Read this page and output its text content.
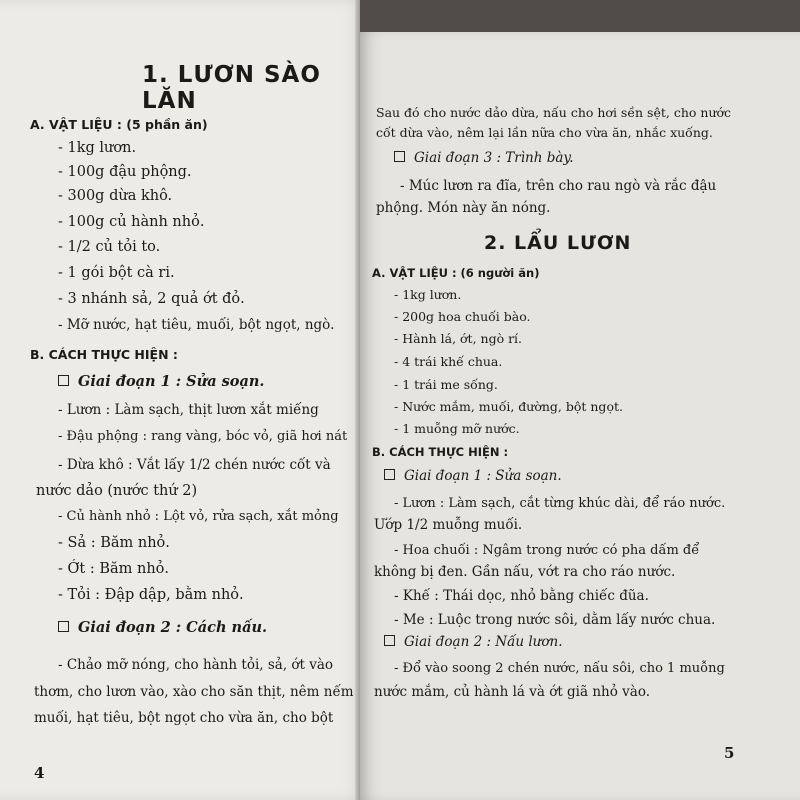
1. LƯƠN SÀO LĂN
A. VẬT LIỆU : (5 phần ăn)
- 1kg lươn.
- 100g đậu phộng.
- 300g dừa khô.
- 100g củ hành nhỏ.
- 1/2 củ tỏi to.
- 1 gói bột cà ri.
- 3 nhánh sả, 2 quả ớt đỏ.
- Mỡ nước, hạt tiêu, muối, bột ngọt, ngò.
B. CÁCH THỰC HIỆN :
Giai đoạn 1 : Sửa soạn.
- Lươn : Làm sạch, thịt lươn xắt miếng
- Đậu phộng : rang vàng, bóc vỏ, giã hơi nát
- Dừa khô : Vắt lấy 1/2 chén nước cốt và
nước dảo (nước thứ 2)
- Củ hành nhỏ : Lột vỏ, rửa sạch, xắt mỏng
- Sả : Băm nhỏ.
- Ớt : Băm nhỏ.
- Tỏi : Đập dập, bằm nhỏ.
Giai đoạn 2 : Cách nấu.
- Chảo mỡ nóng, cho hành tỏi, sả, ớt vào
thơm, cho lươn vào, xào cho săn thịt, nêm nếm
muối, hạt tiêu, bột ngọt cho vừa ăn, cho bột
4
Sau đó cho nước dảo dừa, nấu cho hơi sền sệt, cho nước
cốt dừa vào, nêm lại lần nữa cho vừa ăn, nhắc xuống.
Giai đoạn 3 : Trình bày.
- Múc lươn ra đĩa, trên cho rau ngò và rắc đậu
phộng. Món này ăn nóng.
2. LẨU LƯƠN
A. VẬT LIỆU : (6 người ăn)
- 1kg lươn.
- 200g hoa chuối bào.
- Hành lá, ớt, ngò rí.
- 4 trái khế chua.
- 1 trái me sống.
- Nước mắm, muối, đường, bột ngọt.
- 1 muỗng mỡ nước.
B. CÁCH THỰC HIỆN :
Giai đoạn 1 : Sửa soạn.
- Lươn : Làm sạch, cắt từng khúc dài, để ráo nước.
Ướp 1/2 muỗng muối.
- Hoa chuối : Ngâm trong nước có pha dấm để
không bị đen. Gần nấu, vớt ra cho ráo nước.
- Khế : Thái dọc, nhỏ bằng chiếc đũa.
- Me : Luộc trong nước sôi, dằm lấy nước chua.
Giai đoạn 2 : Nấu lươn.
- Đổ vào soong 2 chén nước, nấu sôi, cho 1 muỗng
nước mắm, củ hành lá và ớt giã nhỏ vào.
5
